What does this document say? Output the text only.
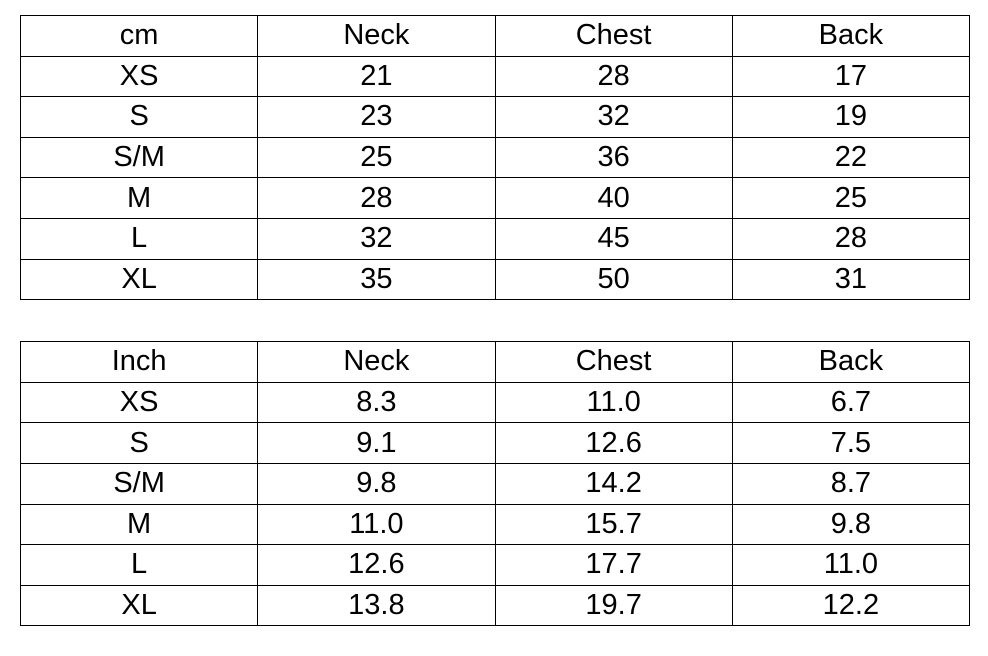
cm	Neck	Chest	Back
XS	21	28	17
S	23	32	19
S/M	25	36	22
M	28	40	25
L	32	45	28
XL	35	50	31
Inch	Neck	Chest	Back
XS	8.3	11.0	6.7
S	9.1	12.6	7.5
S/M	9.8	14.2	8.7
M	11.0	15.7	9.8
L	12.6	17.7	11.0
XL	13.8	19.7	12.2
